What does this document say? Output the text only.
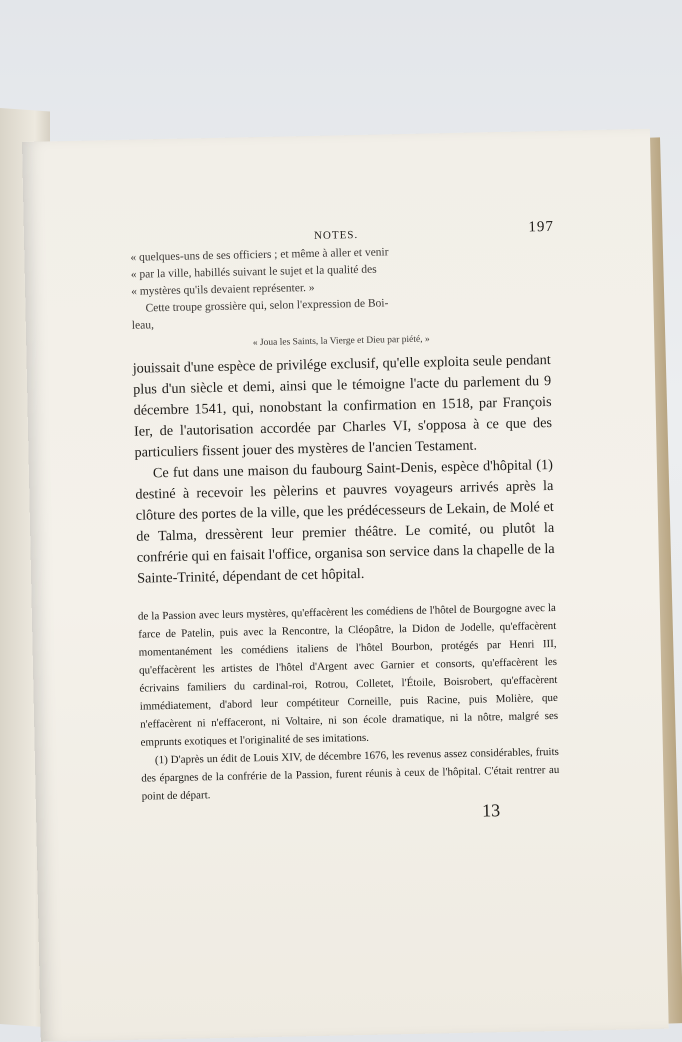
NOTES.
197

« quelques-uns de ses officiers ; et même à aller et venir

« par la ville, habillés suivant le sujet et la qualité des

« mystères qu'ils devaient représenter. »

Cette troupe grossière qui, selon l'expression de Boi-

leau,

« Joua les Saints, la Vierge et Dieu par piété, »

jouissait d'une espèce de privilége exclusif, qu'elle exploita seule pendant plus d'un siècle et demi, ainsi que le témoigne l'acte du parlement du 9 décembre 1541, qui, nonobstant la confirmation en 1518, par François Ier, de l'autorisation accordée par Charles VI, s'opposa à ce que des particuliers fissent jouer des mystères de l'ancien Testament.

Ce fut dans une maison du faubourg Saint-Denis, espèce d'hôpital (1) destiné à recevoir les pèlerins et pauvres voyageurs arrivés après la clôture des portes de la ville, que les prédécesseurs de Lekain, de Molé et de Talma, dressèrent leur premier théâtre. Le comité, ou plutôt la confrérie qui en faisait l'office, organisa son service dans la chapelle de la Sainte-Trinité, dépendant de cet hôpital.

de la Passion avec leurs mystères, qu'effacèrent les comédiens de l'hôtel de Bourgogne avec la farce de Patelin, puis avec la Rencontre, la Cléopâtre, la Didon de Jodelle, qu'effacèrent momentanément les comédiens italiens de l'hôtel Bourbon, protégés par Henri III, qu'effacèrent les artistes de l'hôtel d'Argent avec Garnier et consorts, qu'effacèrent les écrivains familiers du cardinal-roi, Rotrou, Colletet, l'Étoile, Boisrobert, qu'effacèrent immédiatement, d'abord leur compétiteur Corneille, puis Racine, puis Molière, que n'effacèrent ni n'effaceront, ni Voltaire, ni son école dramatique, ni la nôtre, malgré ses emprunts exotiques et l'originalité de ses imitations.

(1) D'après un édit de Louis XIV, de décembre 1676, les revenus assez considérables, fruits des épargnes de la confrérie de la Passion, furent réunis à ceux de l'hôpital. C'était rentrer au point de départ.

13
